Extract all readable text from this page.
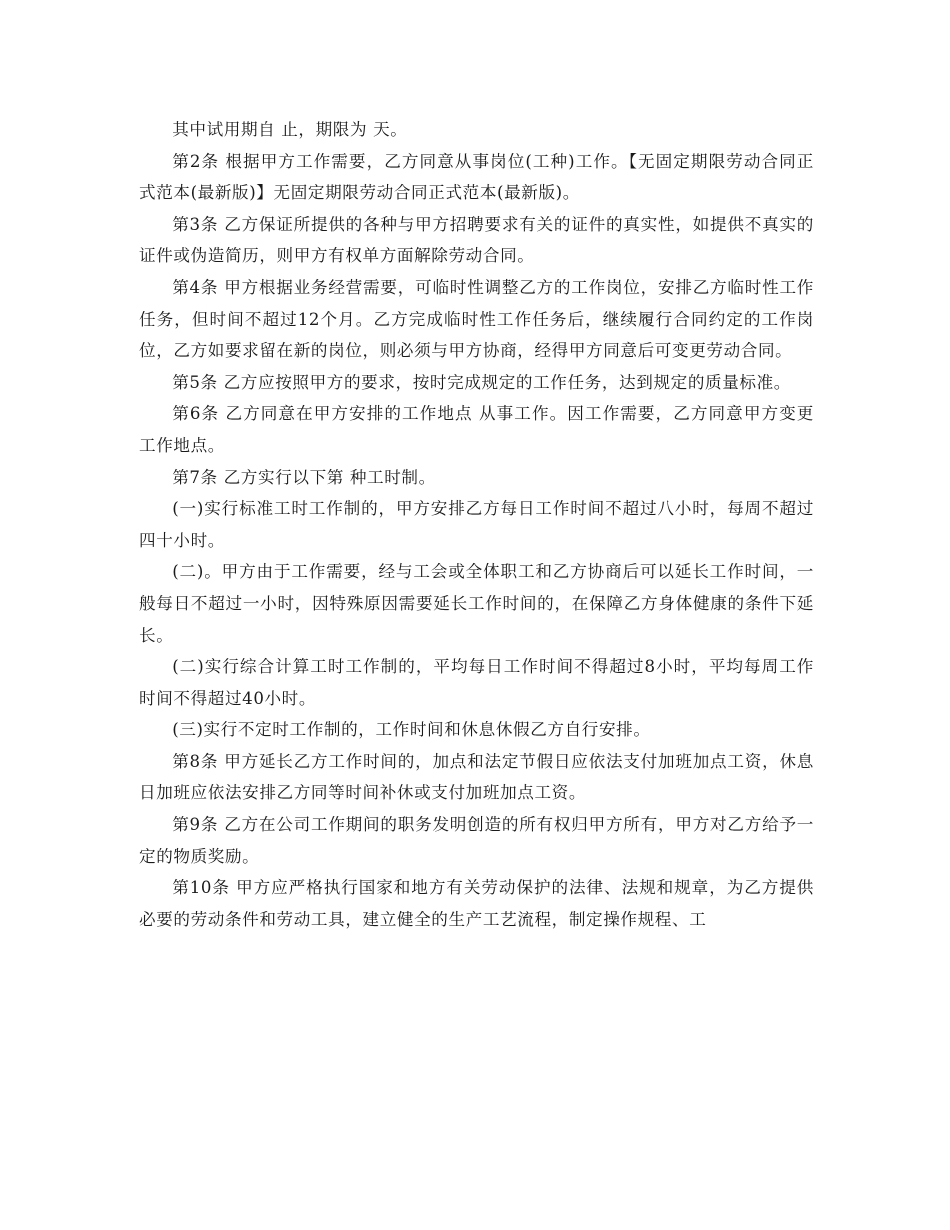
其中试用期自 止，期限为 天。

第2条 根据甲方工作需要，乙方同意从事岗位(工种)工作。【无固定期限劳动合同正式范本(最新版)】无固定期限劳动合同正式范本(最新版)。

第3条 乙方保证所提供的各种与甲方招聘要求有关的证件的真实性，如提供不真实的证件或伪造简历，则甲方有权单方面解除劳动合同。

第4条 甲方根据业务经营需要，可临时性调整乙方的工作岗位，安排乙方临时性工作任务，但时间不超过12个月。乙方完成临时性工作任务后，继续履行合同约定的工作岗位，乙方如要求留在新的岗位，则必须与甲方协商，经得甲方同意后可变更劳动合同。

第5条 乙方应按照甲方的要求，按时完成规定的工作任务，达到规定的质量标准。

第6条 乙方同意在甲方安排的工作地点 从事工作。因工作需要，乙方同意甲方变更工作地点。

第7条 乙方实行以下第 种工时制。

(一)实行标准工时工作制的，甲方安排乙方每日工作时间不超过八小时，每周不超过四十小时。

(二)。甲方由于工作需要，经与工会或全体职工和乙方协商后可以延长工作时间，一般每日不超过一小时，因特殊原因需要延长工作时间的，在保障乙方身体健康的条件下延长。

(二)实行综合计算工时工作制的，平均每日工作时间不得超过8小时，平均每周工作时间不得超过40小时。

(三)实行不定时工作制的，工作时间和休息休假乙方自行安排。

第8条 甲方延长乙方工作时间的，加点和法定节假日应依法支付加班加点工资，休息日加班应依法安排乙方同等时间补休或支付加班加点工资。

第9条 乙方在公司工作期间的职务发明创造的所有权归甲方所有，甲方对乙方给予一定的物质奖励。

第10条 甲方应严格执行国家和地方有关劳动保护的法律、法规和规章，为乙方提供必要的劳动条件和劳动工具，建立健全的生产工艺流程，制定操作规程、工
